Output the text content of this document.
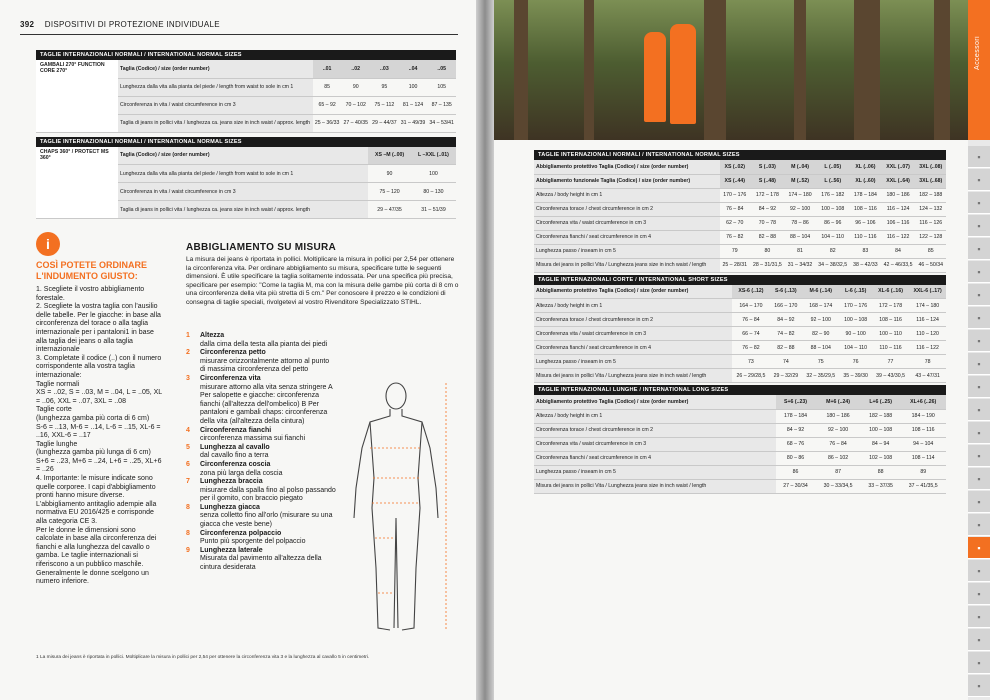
392 DISPOSITIVI DI PROTEZIONE INDIVIDUALE
TAGLIE INTERNAZIONALI NORMALI / INTERNATIONAL NORMAL SIZES
GAMBALI 270° FUNCTION CORE 270°	Taglia (Codice) / size (order number)	..01	..02	..03	..04	..05
	Lunghezza dalla vita alla pianta del piede / length from waist to sole in cm 1	85	90	95	100	105
	Circonferenza in vita / waist circumference in cm 3	65 – 92	70 – 102	75 – 112	81 – 124	87 – 135
	Taglia di jeans in pollici vita / lunghezza ca. jeans size in inch waist / approx. length	25 – 36/33	27 – 40/35	29 – 44/37	31 – 49/39	34 – 53/41
TAGLIE INTERNAZIONALI NORMALI / INTERNATIONAL NORMAL SIZES
CHAPS 360° / PROTECT MS 360°	Taglia (Codice) / size (order number)	XS –M (..00)	L –XXL (..01)
	Lunghezza dalla vita alla pianta del piede / length from waist to sole in cm 1	90	100
	Circonferenza in vita / waist circumference in cm 3	75 – 120	80 – 130
	Taglia di jeans in pollici vita / lunghezza ca. jeans size in inch waist / approx. length	29 – 47/35	31 – 51/39
i
COSÌ POTETE ORDINARE L'INDUMENTO GIUSTO:

1. Scegliete il vostro abbigliamento forestale.

2. Scegliete la vostra taglia con l'ausilio delle tabelle. Per le giacche: in base alla circonferenza del torace o alla taglia internazionale per i pantaloni1 in base alla taglia dei jeans o alla taglia internazionale

3. Completate il codice (..) con il numero corrispondente alla vostra taglia internazionale:

Taglie normali

XS = ..02, S = ..03, M = ..04, L = ..05, XL = ..06, XXL = ..07, 3XL = ..08

Taglie corte

(lunghezza gamba più corta di 6 cm)

S-6 = ..13, M-6 = ..14, L-6 = ..15, XL-6 = ..16, XXL-6 = ..17

Taglie lunghe

(lunghezza gamba più lunga di 6 cm)

S+6 = ..23, M+6 = ..24, L+6 = ..25, XL+6 = ..26

4. Importante: le misure indicate sono quelle corporee. I capi d'abbigliamento pronti hanno misure diverse. L'abbigliamento antitaglio adempie alla normativa EU 2016/425 e corrisponde alla categoria CE 3.

Per le donne le dimensioni sono calcolate in base alla circonferenza dei fianchi e alla lunghezza del cavallo o gamba. Le taglie internazionali si riferiscono a un pubblico maschile. Generalmente le donne scelgono un numero inferiore.

ABBIGLIAMENTO SU MISURA
La misura dei jeans è riportata in pollici. Moltiplicare la misura in pollici per 2,54 per ottenere la circonferenza vita. Per ordinare abbigliamento su misura, specificare tutte le seguenti dimensioni. È utile specificare la taglia solitamente indossata. Per una specifica più precisa, specificare per esempio: "Come la taglia M, ma con la misura delle gambe più corta di 8 cm o una circonferenza della vita più stretta di 5 cm." Per conoscere il prezzo e le condizioni di consegna di taglie speciali, rivolgetevi al vostro Rivenditore Specializzato STIHL.
1 Altezza
dalla cima della testa alla pianta dei piedi
2 Circonferenza petto
misurare orizzontalmente attorno al punto di massima circonferenza del petto
3 Circonferenza vita
misurare attorno alla vita senza stringere A Per salopette e giacche: circonferenza fianchi (all'altezza dell'ombelico) B Per pantaloni e gambali chaps: circonferenza della vita (all'altezza della cintura)
4 Circonferenza fianchi
circonferenza massima sui fianchi
5 Lunghezza al cavallo
dal cavallo fino a terra
6 Circonferenza coscia
zona più larga della coscia
7 Lunghezza braccia
misurare dalla spalla fino al polso passando per il gomito, con braccio piegato
8 Lunghezza giacca
senza colletto fino all'orlo (misurare su una giacca che veste bene)
8 Circonferenza polpaccio
Punto più sporgente del polpaccio
9 Lunghezza laterale
Misurata dal pavimento all'altezza della cintura desiderata
1 La misura dei jeans è riportata in pollici. Moltiplicare la misura in pollici per 2,54 per ottenere la circonferenza vita 3 e la lunghezza al cavallo 5 in centimetri.
Accessori
▪
▪
▪
▪
▪
▪
▪
▪
▪
▪
▪
▪
▪
▪
▪
▪
▪
▪
▪
▪
▪
▪
▪
▪
TAGLIE INTERNAZIONALI NORMALI / INTERNATIONAL NORMAL SIZES
Abbigliamento protettivo Taglia (Codice) / size (order number)	XS (..02)	S (..03)	M (..04)	L (..05)	XL (..06)	XXL (..07)	3XL (..08)
Abbigliamento funzionale Taglia (Codice) / size (order number)	XS (..44)	S (..48)	M (..52)	L (..56)	XL (..60)	XXL (..64)	3XL (..68)
Altezza / body height in cm 1	170 – 176	172 – 178	174 – 180	176 – 182	178 – 184	180 – 186	182 – 188
Circonferenza torace / chest circumference in cm 2	76 – 84	84 – 92	92 – 100	100 – 108	108 – 116	116 – 124	124 – 132
Circonferenza vita / waist circumference in cm 3	62 – 70	70 – 78	78 – 86	86 – 96	96 – 106	106 – 116	116 – 126
Circonferenza fianchi / seat circumference in cm 4	76 – 82	82 – 88	88 – 104	104 – 110	110 – 116	116 – 122	122 – 128
Lunghezza passo / inseam in cm 5	79	80	81	82	83	84	85
Misura dei jeans in pollici Vita / Lunghezza jeans size in inch waist / length	25 – 28/31	28 – 31/31,5	31 – 34/32	34 – 38/32,5	38 – 42/33	42 – 46/33,5	46 – 50/34
TAGLIE INTERNAZIONALI CORTE / INTERNATIONAL SHORT SIZES
Abbigliamento protettivo Taglia (Codice) / size (order number)	XS-6 (..12)	S-6 (..13)	M-6 (..14)	L-6 (..15)	XL-6 (..16)	XXL-6 (..17)
Altezza / body height in cm 1	164 – 170	166 – 170	168 – 174	170 – 176	172 – 178	174 – 180
Circonferenza torace / chest circumference in cm 2	76 – 84	84 – 92	92 – 100	100 – 108	108 – 116	116 – 124
Circonferenza vita / waist circumference in cm 3	66 – 74	74 – 82	82 – 90	90 – 100	100 – 110	110 – 120
Circonferenza fianchi / seat circumference in cm 4	76 – 82	82 – 88	88 – 104	104 – 110	110 – 116	116 – 122
Lunghezza passo / inseam in cm 5	73	74	75	76	77	78
Misura dei jeans in pollici Vita / Lunghezza jeans size in inch waist / length	26 – 29/28,5	29 – 32/29	32 – 35/29,5	35 – 39/30	39 – 43/30,5	43 – 47/31
TAGLIE INTERNAZIONALI LUNGHE / INTERNATIONAL LONG SIZES
Abbigliamento protettivo Taglia (Codice) / size (order number)	S+6 (..23)	M+6 (..24)	L+6 (..25)	XL+6 (..26)
Altezza / body height in cm 1	178 – 184	180 – 186	182 – 188	184 – 190
Circonferenza torace / chest circumference in cm 2	84 – 92	92 – 100	100 – 108	108 – 116
Circonferenza vita / waist circumference in cm 3	68 – 76	76 – 84	84 – 94	94 – 104
Circonferenza fianchi / seat circumference in cm 4	80 – 86	86 – 102	102 – 108	108 – 114
Lunghezza passo / inseam in cm 5	86	87	88	89
Misura dei jeans in pollici Vita / Lunghezza jeans size in inch waist / length	27 – 30/34	30 – 33/34,5	33 – 37/35	37 – 41/35,5
